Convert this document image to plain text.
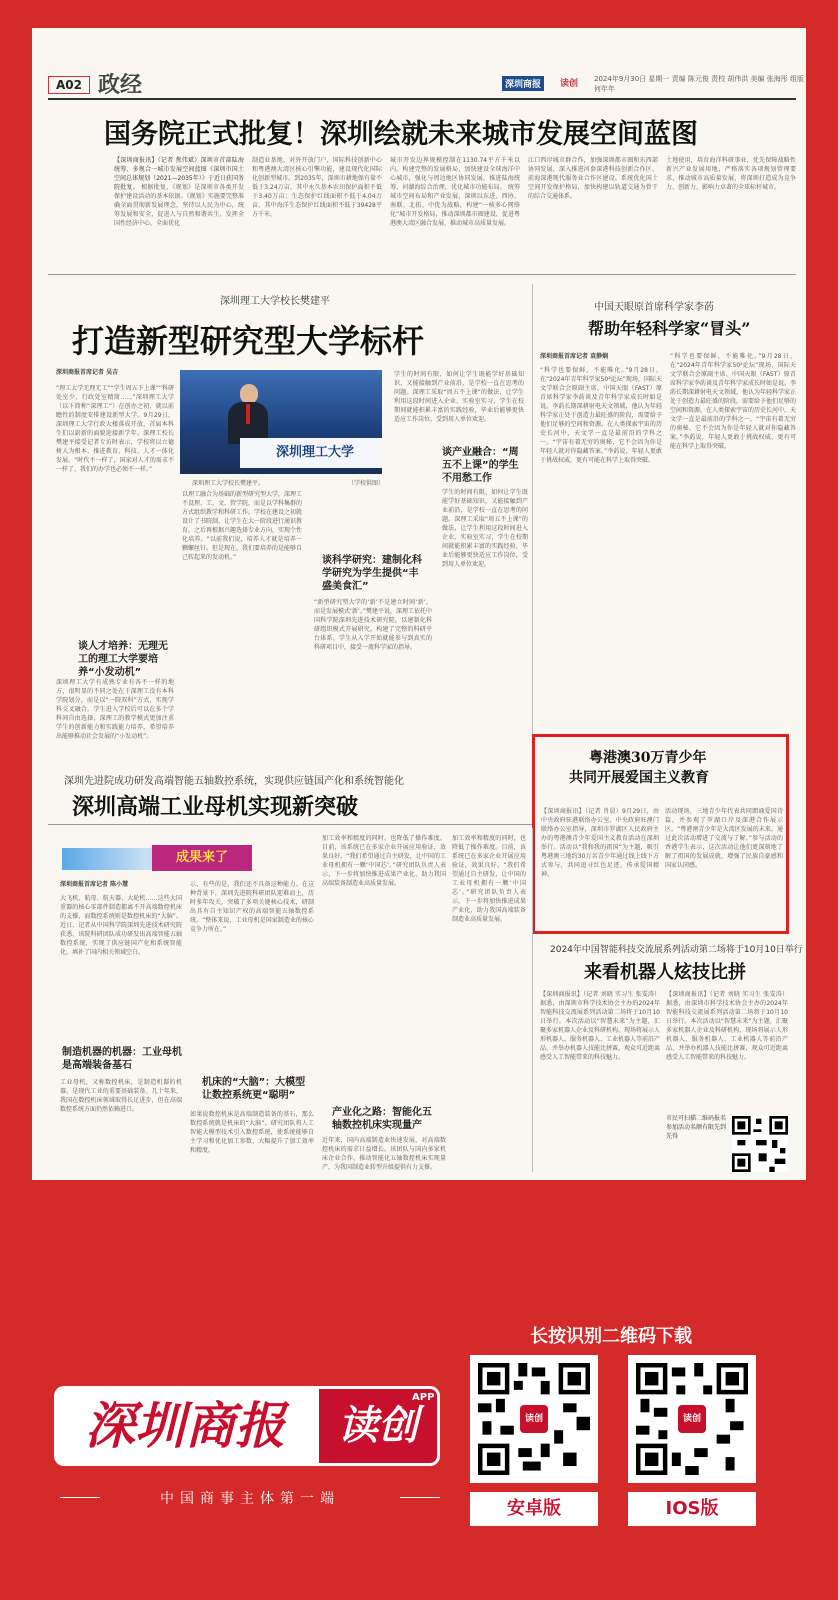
A02 政经	深圳商报	读创 2024年9月30日 星期一 责编 陈元俊 责校 胡伟洪 美编 张海彤 组版 何年年
国务院正式批复！深圳绘就未来城市发展空间蓝图
【深圳商报讯】（记者 焦伟斌）深圳市首部陆海统筹、多规合一城市发展空间蓝图《深圳市国土空间总体规划（2021—2035年）》于近日获国务院批复。 根据批复，《规划》是深圳市各类开发保护建设活动的基本依据。《规划》实施要完整准确全面贯彻新发展理念，坚持以人民为中心，统筹发展和安全，促进人与自然和谐共生，发挥全国性经济中心，全面优化
制造业基地、对外开放门户、国际科技创新中心和粤港澳大湾区核心引擎功能，建设现代化国际化创新型城市。到2035年，深圳市耕地保有量不低于3.24万亩，其中永久基本农田保护面积不低于3.40万亩；生态保护红线面积不低于4.04万亩，其中海洋生态保护红线面积不低于39428平方千米。
城市开发边界规模控制在1130.74平方千米以内。构建完整的发展格局，加快建设全球海洋中心城市，强化与周边地区协同发展，推进陆海统筹、河湖海综合治理，优化城市功能布局。 统筹城市空间布局和产业发展，深圳以东进、西协、南联、北拓、中优为战略，构建“一核多心网络化”城市开发格局，推动深圳都市圈建设，促进粤港澳大湾区融合发展，推动城市高质量发展。
江口西岸城市群合作，加强深圳都市圈和东西部协同发展，深入推进河套深港科技创新合作区、前海深港现代服务业合作区建设。系统优化国土空间开发保护格局，加快构建以轨道交通为骨干的综合交通体系。
土地使用，培育海洋科研事业，优先保障战略性新兴产业发展用地，严格落实各项规划管理要求，推动城市高质量发展，将深圳打造成为竞争力、创新力、影响力卓著的全球标杆城市。
深圳理工大学校长樊建平
打造新型研究型大学标杆
深圳商报首席记者 吴吉
“理工大学无理无工”“学生周五下上课”“科研处室少、行政处室精简……”深圳理工大学（以下简称“深理工”）在创办之初，就以前瞻性的制度安排建设新型大学。9月29日，深圳理工大学行政大楼落成开放，首届本科生们以崭新的面貌迎接新学年。深理工校长樊建平接受记者专访时表示，学校将以立德树人为根本，推进教育、科技、人才一体化发展。“时代不一样了，国家对人才的需求不一样了，我们的办学也必须不一样。”
谈人才培养：无理无工的理工大学要培养“小发动机”
深圳理工大学有成熟专业有各不一样的地方，很明显的不同之处在于深理工没有本科学院划分，而是以“一院双科”方式，实现学科交叉融合。学生进入学校后可以在多个学科间自由选择，深理工的教学模式更加注重学生的创新能力和实践能力培养，希望培养出能够推动社会发展的“小发动机”。
深圳理工大学
深圳理工大学校长樊建平。	（学校供图）
以理工融合为基础的新型研究型大学，深理工不设理、工、文、管学院，而是以学科集群的方式组织教学和科研工作。学校在建设之初就设计了书院制，让学生在大一阶段进行通识教育，之后再根据兴趣选择专业方向，实现个性化培养。“以前我们说，培养人才就是培养一颗螺丝钉。但是现在，我们要培养的是能够自己转起来的发动机。”	谈科学研究：建制化科学研究为学生提供“丰盛美食汇”
“新型研究型大学的‘新’不是建立时间‘新’，而是发展模式‘新’。”樊建平说，深理工依托中国科学院深圳先进技术研究院，以建制化科研组织模式开展研究，构建了完整的科研平台体系。学生从入学开始就能参与到真实的科研项目中，接受一流科学家的指导。
学生的时间有限，如何让学生既能学好基础知识，又能接触到产业前沿，是学校一直在思考的问题。深理工采取“周五不上课”的做法，让学生利用这段时间进入企业、实验室实习，学生在校期间就能积累丰富的实践经验，毕业后能够更快适应工作岗位，受到用人单位欢迎。
谈产业融合：“周五不上课”的学生不用愁工作
学生的时间有限，如何让学生既能学好基础知识，又能接触到产业前沿，是学校一直在思考的问题。深理工采取“周五不上课”的做法，让学生利用这段时间进入企业、实验室实习，学生在校期间就能积累丰富的实践经验，毕业后能够更快适应工作岗位，受到用人单位欢迎。
中国天眼原首席科学家李菂
帮助年轻科学家“冒头”
深圳商报首席记者 袁静娴
“科学也要保鲜，不能唯化。”9月28日，在“2024年青年科学家50²论坛”现场，国际天文学联合会原副主席、中国天眼（FAST）原首席科学家李菂谈及青年科学家成长时如是说。李菂长期深耕射电天文领域，他认为年轻科学家正处于创造力最旺盛的阶段，需要给予他们足够的空间和资源。在人类探索宇宙的历史长河中，天文学一直是最前沿的学科之一。“宇宙有着无穷的奥秘，它不会因为你是年轻人就对你隐藏答案。”李菂说，年轻人更敢于挑战权威，更有可能在科学上取得突破。
“科学也要保鲜，不能唯化。”9月28日，在“2024年青年科学家50²论坛”现场，国际天文学联合会原副主席、中国天眼（FAST）原首席科学家李菂谈及青年科学家成长时如是说。李菂长期深耕射电天文领域，他认为年轻科学家正处于创造力最旺盛的阶段，需要给予他们足够的空间和资源。在人类探索宇宙的历史长河中，天文学一直是最前沿的学科之一。“宇宙有着无穷的奥秘，它不会因为你是年轻人就对你隐藏答案。”李菂说，年轻人更敢于挑战权威，更有可能在科学上取得突破。
粤港澳30万青少年
共同开展爱国主义教育
【深圳商报讯】（记者 肖晨）9月29日，由中央政府驻港联络办公室、中央政府驻澳门联络办公室指导，深圳市罗湖区人民政府主办的粤港澳青少年爱国主义教育活动在深圳举行。活动以“我和我的祖国”为主题，吸引粤港澳三地约30万名青少年通过线上线下方式参与，共同追寻红色足迹，传承爱国精神。
活动现场，三地青少年代表共同朗诵爱国诗篇，并参观了罗湖口岸及深港合作展示区。“粤港澳青少年是大湾区发展的未来，通过此次活动增进了交流与了解。”参与活动的香港学生表示，这次活动让他们更深刻地了解了祖国的发展成就，增强了民族自豪感和国家认同感。
深圳先进院成功研发高端智能五轴数控系统，实现供应链国产化和系统智能化
深圳高端工业母机实现新突破
成果来了
深圳商报首席记者 陈小慧
大飞机、航母、航天器、大轮机……这些大国重器的核心零部件制造都离不开高端数控机床的支撑，而数控系统则是数控机床的“大脑”。近日，记者从中国科学院深圳先进技术研究院获悉，该院科研团队成功研发出高端智能五轴数控系统，实现了供应链国产化和系统智能化，填补了国内相关领域空白。
制造机器的机器：工业母机是高端装备基石
工业母机，又称数控机床，是制造机器的机器，是现代工业的重要基础装备。几十年来，我国在数控机床领域取得长足进步，但在高端数控系统方面仍然依赖进口。
示，有些的是，我们还不具备这种能力。在这种背景下，深圳先进院科研团队迎难而上，历时多年攻关，突破了多项关键核心技术，研制出具有自主知识产权的高端智能五轴数控系统。“整体来说，工业母机是国家制造业的核心竞争力所在。”
机床的“大脑”：大模型让数控系统更“聪明”
如果说数控机床是高端制造装备的基石，那么数控系统就是机床的“大脑”。研究团队将人工智能大模型技术引入数控系统，使系统能够自主学习和优化加工参数，大幅提升了加工效率和精度。
加工效率和精度的同时，也降低了操作难度。目前，该系统已在多家企业开展应用验证，效果良好。“我们希望通过自主研发，让中国的工业母机拥有一颗‘中国芯’。”研究团队负责人表示，下一步将加快推进成果产业化，助力我国高端装备制造业高质量发展。
产业化之路：智能化五轴数控机床实现量产
近年来，国内高端制造业快速发展，对高端数控机床的需求日益增长。该团队与国内多家机床企业合作，推动智能化五轴数控机床实现量产，为我国制造业转型升级提供有力支撑。
加工效率和精度的同时，也降低了操作难度。目前，该系统已在多家企业开展应用验证，效果良好。“我们希望通过自主研发，让中国的工业母机拥有一颗‘中国芯’。”研究团队负责人表示，下一步将加快推进成果产业化，助力我国高端装备制造业高质量发展。
2024年中国智能科技交流展系列活动第二场将于10月10日举行
来看机器人炫技比拼
【深圳商报讯】（记者 刘晓 实习生 张雯涛）据悉，由深圳市科学技术协会主办的2024年智能科技交流展系列活动第二场将于10月10日举行。本次活动以“智慧未来”为主题，汇聚多家机器人企业及科研机构，现场将展示人形机器人、服务机器人、工业机器人等前沿产品，并举办机器人技能比拼赛，观众可近距离感受人工智能带来的科技魅力。
【深圳商报讯】（记者 刘晓 实习生 张雯涛）据悉，由深圳市科学技术协会主办的2024年智能科技交流展系列活动第二场将于10月10日举行。本次活动以“智慧未来”为主题，汇聚多家机器人企业及科研机构，现场将展示人形机器人、服务机器人、工业机器人等前沿产品，并举办机器人技能比拼赛，观众可近距离感受人工智能带来的科技魅力。
市民可扫描二维码报名参加活动名额有限先到先得
深圳商报	读创
APP
中国商事主体第一端
长按识别二维码下载
读创
安卓版
读创
IOS版
